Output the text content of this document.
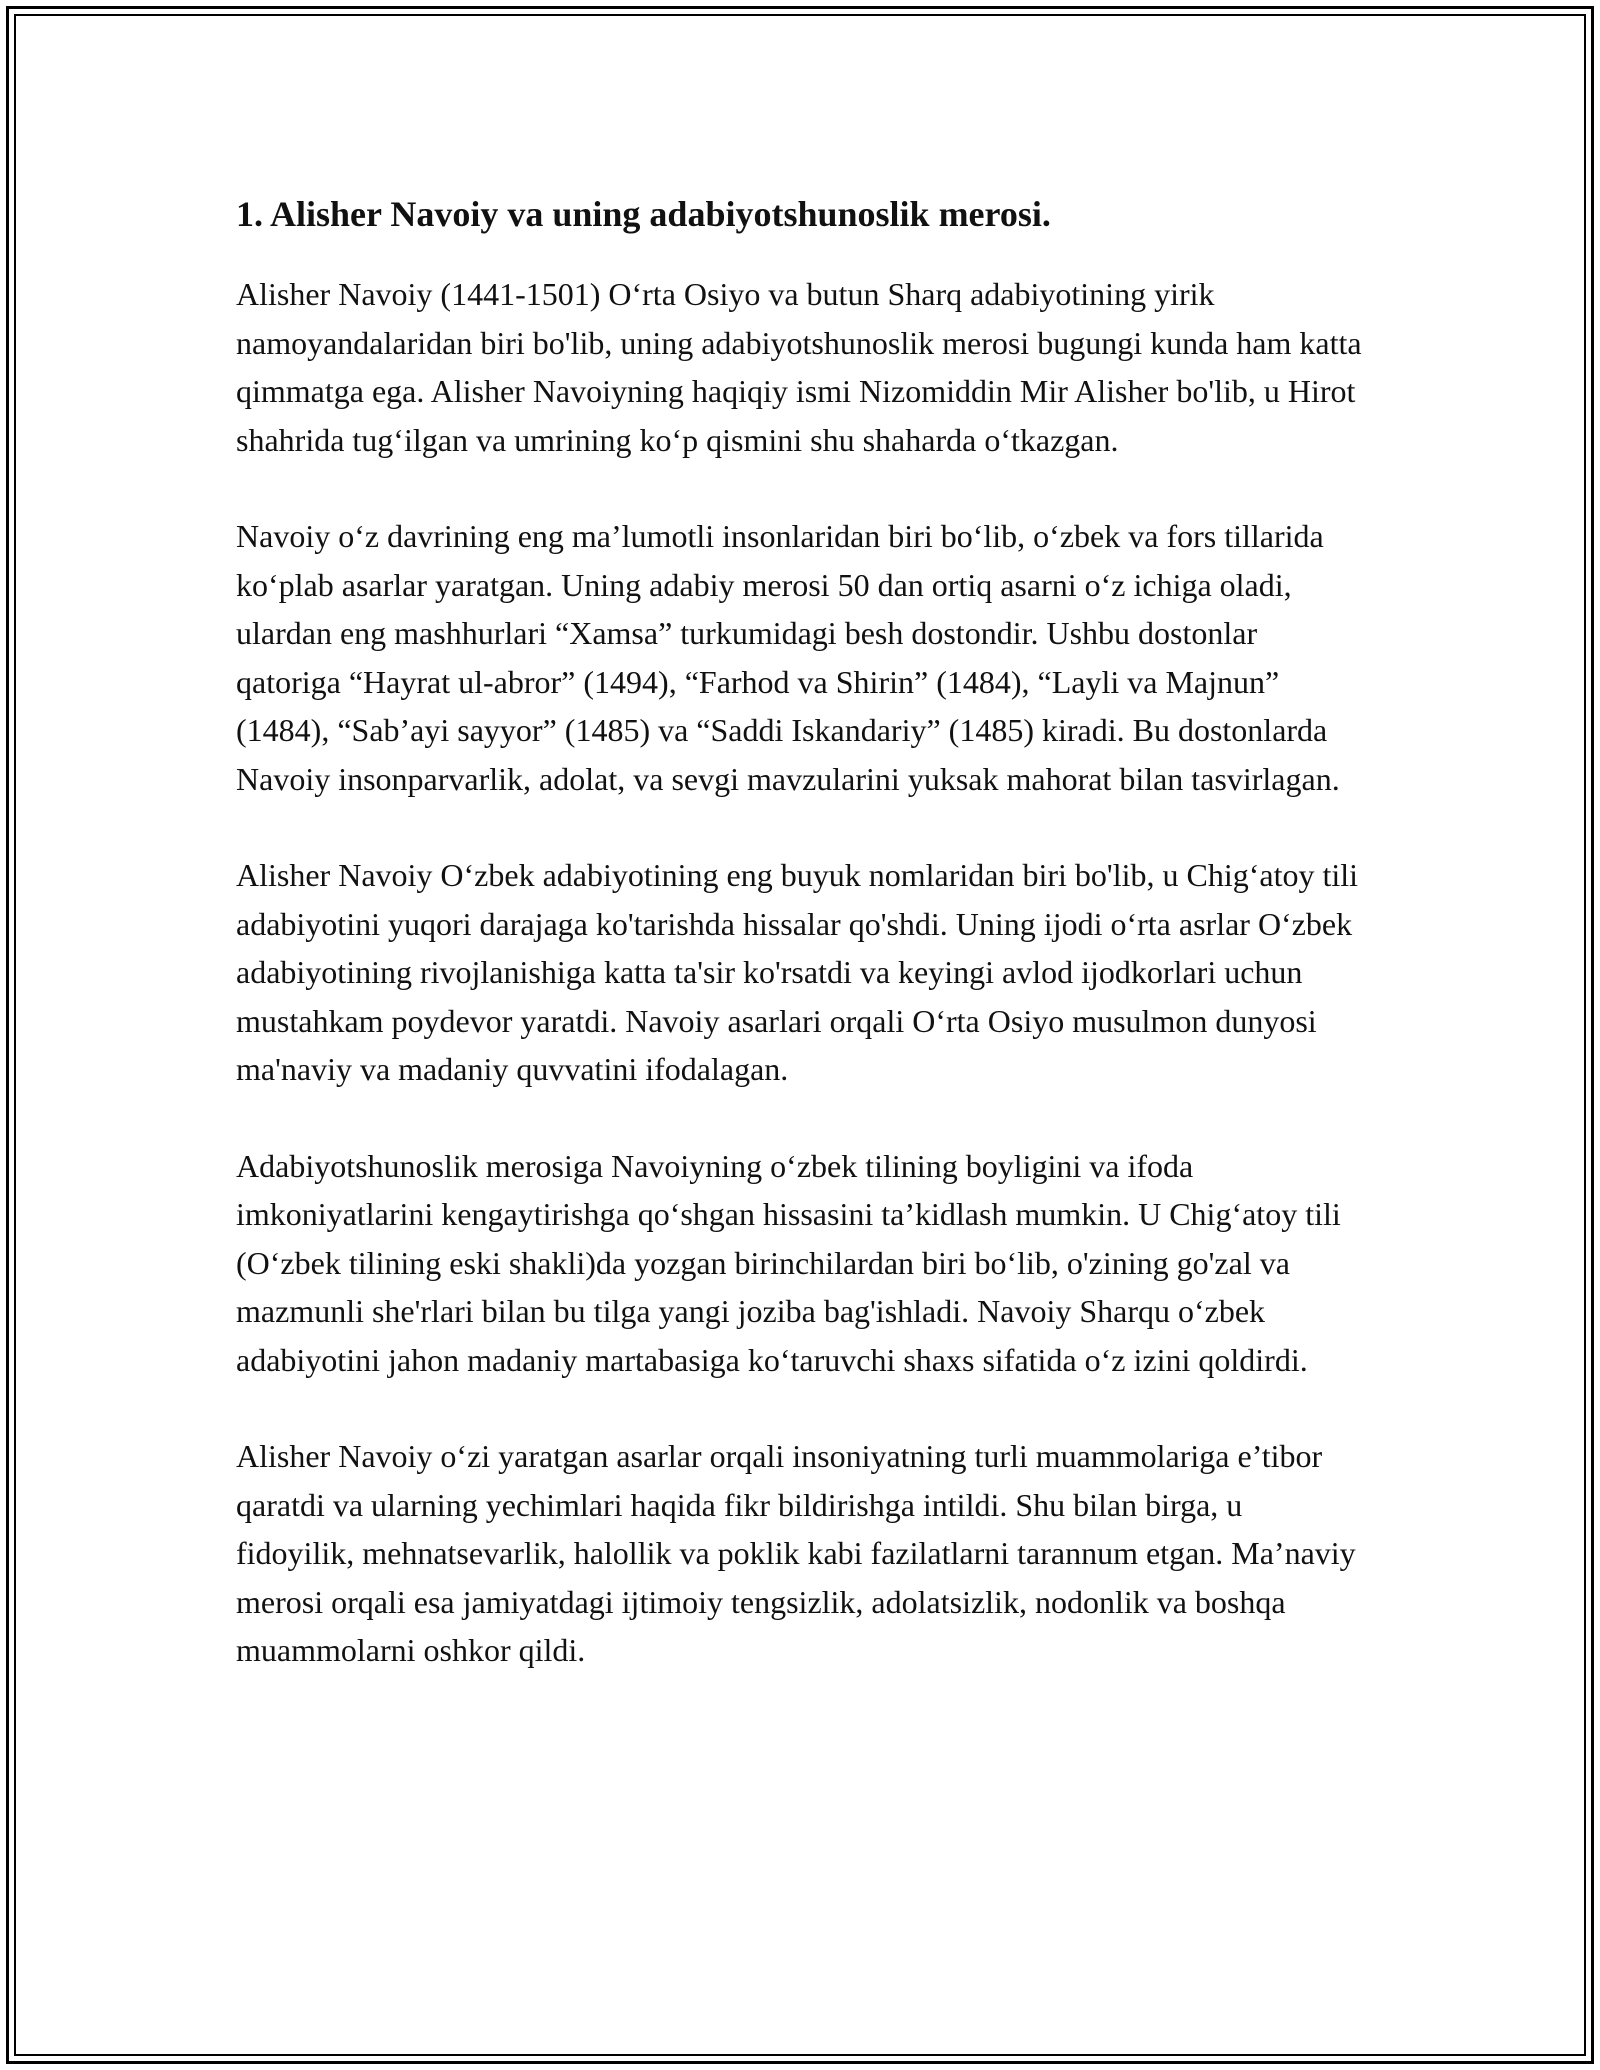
1. Alisher Navoiy va uning adabiyotshunoslik merosi.

Alisher Navoiy (1441-1501) O‘rta Osiyo va butun Sharq adabiyotining yirik namoyandalaridan biri bo'lib, uning adabiyotshunoslik merosi bugungi kunda ham katta qimmatga ega. Alisher Navoiyning haqiqiy ismi Nizomiddin Mir Alisher bo'lib, u Hirot shahrida tug‘ilgan va umrining ko‘p qismini shu shaharda o‘tkazgan.

Navoiy o‘z davrining eng ma’lumotli insonlaridan biri bo‘lib, o‘zbek va fors tillarida ko‘plab asarlar yaratgan. Uning adabiy merosi 50 dan ortiq asarni o‘z ichiga oladi, ulardan eng mashhurlari “Xamsa” turkumidagi besh dostondir. Ushbu dostonlar qatoriga “Hayrat ul-abror” (1494), “Farhod va Shirin” (1484), “Layli va Majnun” (1484), “Sab’ayi sayyor” (1485) va “Saddi Iskandariy” (1485) kiradi. Bu dostonlarda Navoiy insonparvarlik, adolat, va sevgi mavzularini yuksak mahorat bilan tasvirlagan.

Alisher Navoiy O‘zbek adabiyotining eng buyuk nomlaridan biri bo'lib, u Chig‘atoy tili adabiyotini yuqori darajaga ko'tarishda hissalar qo'shdi. Uning ijodi o‘rta asrlar O‘zbek adabiyotining rivojlanishiga katta ta'sir ko'rsatdi va keyingi avlod ijodkorlari uchun mustahkam poydevor yaratdi. Navoiy asarlari orqali O‘rta Osiyo musulmon dunyosi ma'naviy va madaniy quvvatini ifodalagan.

Adabiyotshunoslik merosiga Navoiyning o‘zbek tilining boyligini va ifoda imkoniyatlarini kengaytirishga qo‘shgan hissasini ta’kidlash mumkin. U Chig‘atoy tili (O‘zbek tilining eski shakli)da yozgan birinchilardan biri bo‘lib, o'zining go'zal va mazmunli she'rlari bilan bu tilga yangi joziba bag'ishladi. Navoiy Sharqu o‘zbek adabiyotini jahon madaniy martabasiga ko‘taruvchi shaxs sifatida o‘z izini qoldirdi.

Alisher Navoiy o‘zi yaratgan asarlar orqali insoniyatning turli muammolariga e’tibor qaratdi va ularning yechimlari haqida fikr bildirishga intildi. Shu bilan birga, u fidoyilik, mehnatsevarlik, halollik va poklik kabi fazilatlarni tarannum etgan. Ma’naviy merosi orqali esa jamiyatdagi ijtimoiy tengsizlik, adolatsizlik, nodonlik va boshqa muammolarni oshkor qildi.
